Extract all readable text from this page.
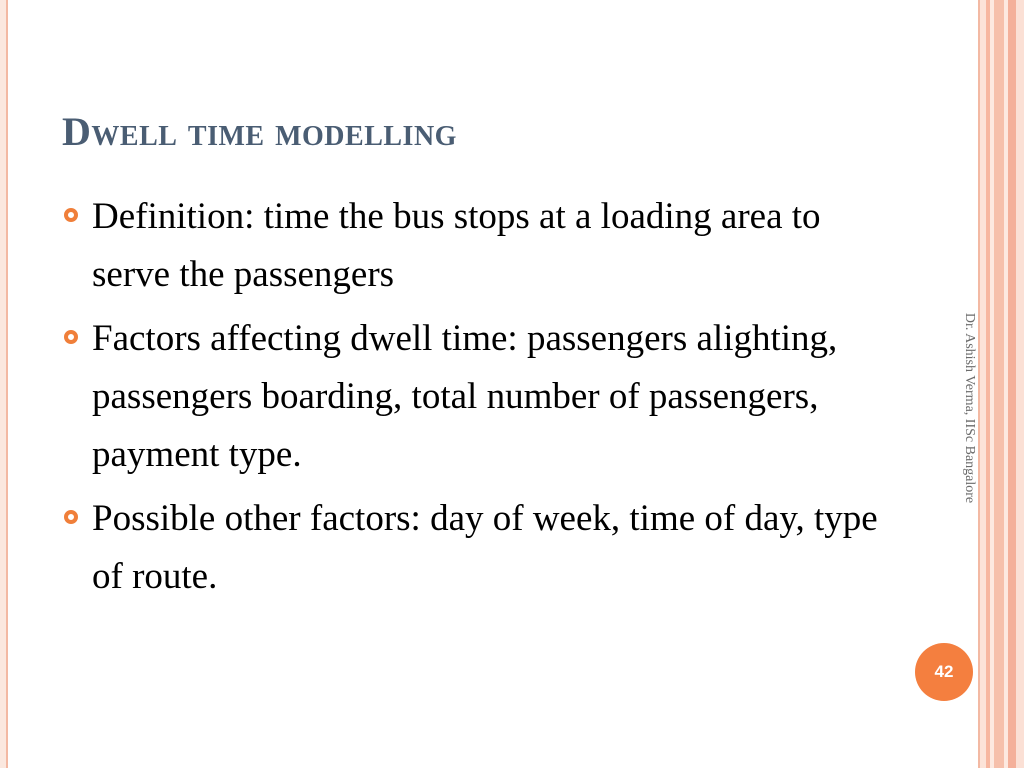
Dwell time modelling
Definition: time the bus stops at a loading area to serve the passengers
Factors affecting dwell time: passengers alighting, passengers boarding, total number of passengers, payment type.
Possible other factors: day of week, time of day, type of route.
Dr. Ashish Verma, IISc Bangalore
42
